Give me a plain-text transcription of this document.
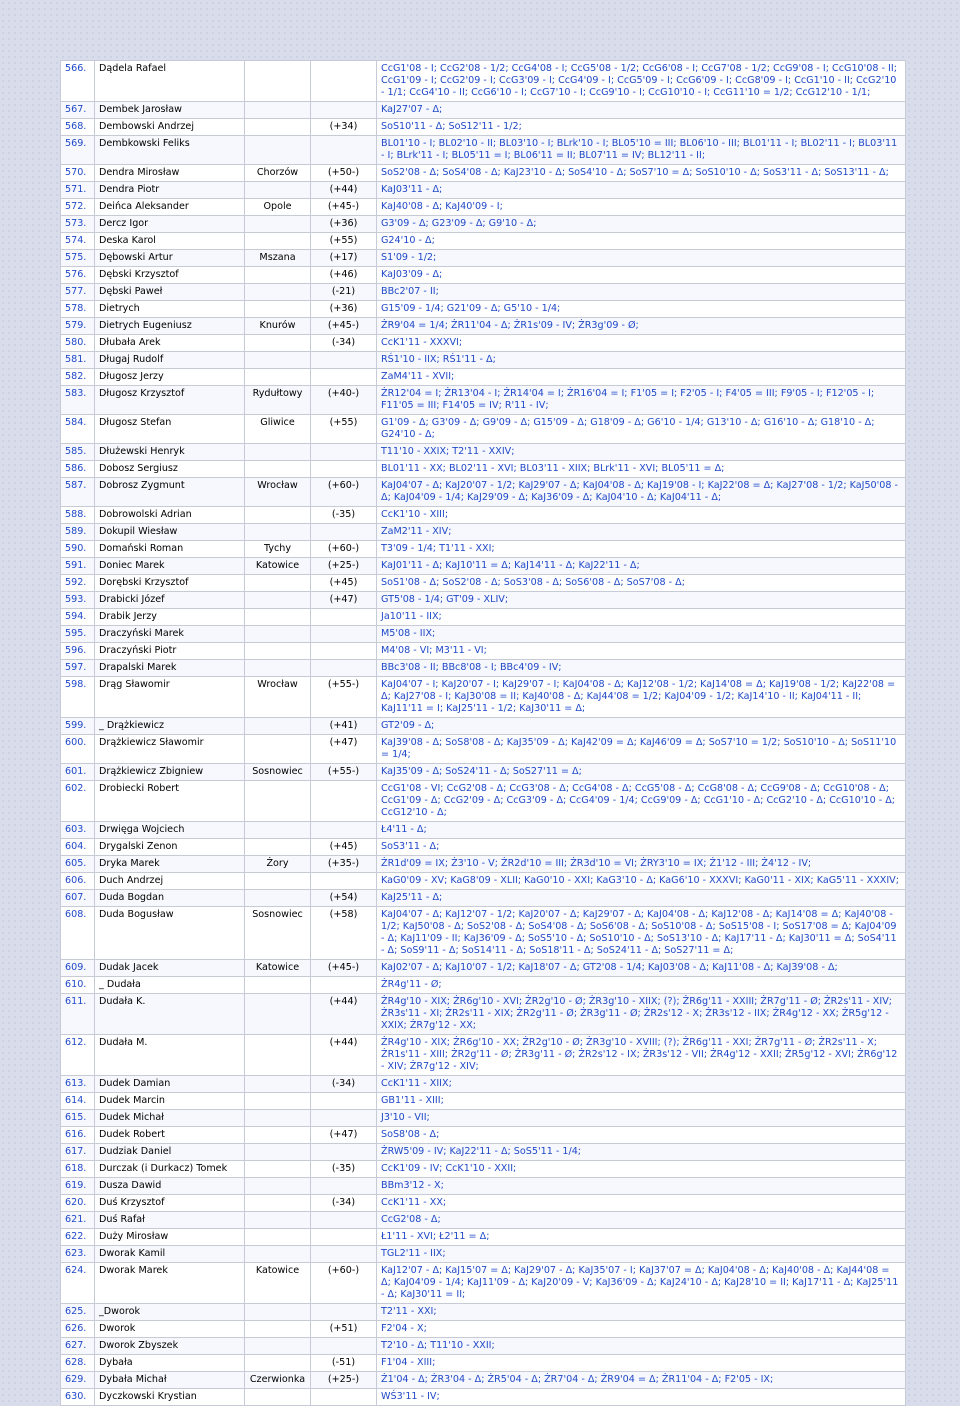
566.	Dądela Rafael			CcG1'08 - I; CcG2'08 - 1/2; CcG4'08 - I; CcG5'08 - 1/2; CcG6'08 - I; CcG7'08 - 1/2; CcG9'08 - I; CcG10'08 - II; CcG1'09 - I; CcG2'09 - I; CcG3'09 - I; CcG4'09 - I; CcG5'09 - I; CcG6'09 - I; CcG8'09 - I; CcG1'10 - II; CcG2'10 - 1/1; CcG4'10 - II; CcG6'10 - I; CcG7'10 - I; CcG9'10 - I; CcG10'10 - I; CcG11'10 = 1/2; CcG12'10 - 1/1;
567.	Dembek Jarosław			KaJ27'07 - Δ;
568.	Dembowski Andrzej		(+34)	SoS10'11 - Δ; SoS12'11 - 1/2;
569.	Dembkowski Feliks			BL01'10 - I; BL02'10 - II; BL03'10 - I; BLrk'10 - I; BL05'10 = III; BL06'10 - III; BL01'11 - I; BL02'11 - I; BL03'11 - I; BLrk'11 - I; BL05'11 = I; BL06'11 = II; BL07'11 = IV; BL12'11 - II;
570.	Dendra Mirosław	Chorzów	(+50-)	SoS2'08 - Δ; SoS4'08 - Δ; KaJ23'10 - Δ; SoS4'10 - Δ; SoS7'10 = Δ; SoS10'10 - Δ; SoS3'11 - Δ; SoS13'11 - Δ;
571.	Dendra Piotr		(+44)	KaJ03'11 - Δ;
572.	Deińca Aleksander	Opole	(+45-)	KaJ40'08 - Δ; KaJ40'09 - I;
573.	Dercz Igor		(+36)	G3'09 - Δ; G23'09 - Δ; G9'10 - Δ;
574.	Deska Karol		(+55)	G24'10 - Δ;
575.	Dębowski Artur	Mszana	(+17)	S1'09 - 1/2;
576.	Dębski Krzysztof		(+46)	KaJ03'09 - Δ;
577.	Dębski Paweł		(-21)	BBc2'07 - II;
578.	Dietrych		(+36)	G15'09 - 1/4; G21'09 - Δ; G5'10 - 1/4;
579.	Dietrych Eugeniusz	Knurów	(+45-)	ŻR9'04 = 1/4; ŻR11'04 - Δ; ŻR1s'09 - IV; ŻR3g'09 - Ø;
580.	Dłubała Arek		(-34)	CcK1'11 - XXXVI;
581.	Długaj Rudolf			RŚ1'10 - IIX; RŚ1'11 - Δ;
582.	Długosz Jerzy			ZaM4'11 - XVII;
583.	Długosz Krzysztof	Rydułtowy	(+40-)	ŻR12'04 = I; ŻR13'04 - I; ŻR14'04 = I; ŻR16'04 = I; F1'05 = I; F2'05 - I; F4'05 = III; F9'05 - I; F12'05 - I; F11'05 = III; F14'05 = IV; R'11 - IV;
584.	Długosz Stefan	Gliwice	(+55)	G1'09 - Δ; G3'09 - Δ; G9'09 - Δ; G15'09 - Δ; G18'09 - Δ; G6'10 - 1/4; G13'10 - Δ; G16'10 - Δ; G18'10 - Δ; G24'10 - Δ;
585.	Dłużewski Henryk			T11'10 - XXIX; T2'11 - XXIV;
586.	Dobosz Sergiusz			BL01'11 - XX; BL02'11 - XVI; BL03'11 - XIIX; BLrk'11 - XVI; BL05'11 = Δ;
587.	Dobrosz Zygmunt	Wrocław	(+60-)	KaJ04'07 - Δ; KaJ20'07 - 1/2; KaJ29'07 - Δ; KaJ04'08 - Δ; KaJ19'08 - I; KaJ22'08 = Δ; KaJ27'08 - 1/2; KaJ50'08 - Δ; KaJ04'09 - 1/4; KaJ29'09 - Δ; KaJ36'09 - Δ; KaJ04'10 - Δ; KaJ04'11 - Δ;
588.	Dobrowolski Adrian		(-35)	CcK1'10 - XIII;
589.	Dokupil Wiesław			ZaM2'11 - XIV;
590.	Domański Roman	Tychy	(+60-)	T3'09 - 1/4; T1'11 - XXI;
591.	Doniec Marek	Katowice	(+25-)	KaJ01'11 - Δ; KaJ10'11 = Δ; KaJ14'11 - Δ; KaJ22'11 - Δ;
592.	Dorębski Krzysztof		(+45)	SoS1'08 - Δ; SoS2'08 - Δ; SoS3'08 - Δ; SoS6'08 - Δ; SoS7'08 - Δ;
593.	Drabicki Józef		(+47)	GT5'08 - 1/4; GT'09 - XLIV;
594.	Drabik Jerzy			Ja10'11 - IIX;
595.	Draczyński Marek			M5'08 - IIX;
596.	Draczyński Piotr			M4'08 - VI; M3'11 - VI;
597.	Drapalski Marek			BBc3'08 - II; BBc8'08 - I; BBc4'09 - IV;
598.	Drąg Sławomir	Wrocław	(+55-)	KaJ04'07 - I; KaJ20'07 - I; KaJ29'07 - I; KaJ04'08 - Δ; KaJ12'08 - 1/2; KaJ14'08 = Δ; KaJ19'08 - 1/2; KaJ22'08 = Δ; KaJ27'08 - I; KaJ30'08 = II; KaJ40'08 - Δ; KaJ44'08 = 1/2; KaJ04'09 - 1/2; KaJ14'10 - II; KaJ04'11 - II; KaJ11'11 = I; KaJ25'11 - 1/2; KaJ30'11 = Δ;
599.	_ Drążkiewicz		(+41)	GT2'09 - Δ;
600.	Drążkiewicz Sławomir		(+47)	KaJ39'08 - Δ; SoS8'08 - Δ; KaJ35'09 - Δ; KaJ42'09 = Δ; KaJ46'09 = Δ; SoS7'10 = 1/2; SoS10'10 - Δ; SoS11'10 = 1/4;
601.	Drążkiewicz Zbigniew	Sosnowiec	(+55-)	KaJ35'09 - Δ; SoS24'11 - Δ; SoS27'11 = Δ;
602.	Drobiecki Robert			CcG1'08 - VI; CcG2'08 - Δ; CcG3'08 - Δ; CcG4'08 - Δ; CcG5'08 - Δ; CcG8'08 - Δ; CcG9'08 - Δ; CcG10'08 - Δ; CcG1'09 - Δ; CcG2'09 - Δ; CcG3'09 - Δ; CcG4'09 - 1/4; CcG9'09 - Δ; CcG1'10 - Δ; CcG2'10 - Δ; CcG10'10 - Δ; CcG12'10 - Δ;
603.	Drwięga Wojciech			Ł4'11 - Δ;
604.	Drygalski Zenon		(+45)	SoS3'11 - Δ;
605.	Dryka Marek	Żory	(+35-)	ŻR1d'09 = IX; Ż3'10 - V; ŻR2d'10 = III; ŻR3d'10 = VI; ŻRY3'10 = IX; Ż1'12 - III; Ż4'12 - IV;
606.	Duch Andrzej			KaG0'09 - XV; KaG8'09 - XLII; KaG0'10 - XXI; KaG3'10 - Δ; KaG6'10 - XXXVI; KaG0'11 - XIX; KaG5'11 - XXXIV;
607.	Duda Bogdan		(+54)	KaJ25'11 - Δ;
608.	Duda Bogusław	Sosnowiec	(+58)	KaJ04'07 - Δ; KaJ12'07 - 1/2; KaJ20'07 - Δ; KaJ29'07 - Δ; KaJ04'08 - Δ; KaJ12'08 - Δ; KaJ14'08 = Δ; KaJ40'08 - 1/2; KaJ50'08 - Δ; SoS2'08 - Δ; SoS4'08 - Δ; SoS6'08 - Δ; SoS10'08 - Δ; SoS15'08 - I; SoS17'08 = Δ; KaJ04'09 - Δ; KaJ11'09 - II; KaJ36'09 - Δ; SoS5'10 - Δ; SoS10'10 - Δ; SoS13'10 - Δ; KaJ17'11 - Δ; KaJ30'11 = Δ; SoS4'11 - Δ; SoS9'11 - Δ; SoS14'11 - Δ; SoS18'11 - Δ; SoS24'11 - Δ; SoS27'11 = Δ;
609.	Dudak Jacek	Katowice	(+45-)	KaJ02'07 - Δ; KaJ10'07 - 1/2; KaJ18'07 - Δ; GT2'08 - 1/4; KaJ03'08 - Δ; KaJ11'08 - Δ; KaJ39'08 - Δ;
610.	_ Dudała			ŻR4g'11 - Ø;
611.	Dudała K.		(+44)	ŻR4g'10 - XIX; ŻR6g'10 - XVI; ŻR2g'10 - Ø; ŻR3g'10 - XIIX; (?); ŻR6g'11 - XXIII; ŻR7g'11 - Ø; ŻR2s'11 - XIV; ŻR3s'11 - XI; ŻR2s'11 - XIX; ŻR2g'11 - Ø; ŻR3g'11 - Ø; ŻR2s'12 - X; ŻR3s'12 - IIX; ŻR4g'12 - XX; ŻR5g'12 - XXIX; ŻR7g'12 - XX;
612.	Dudała M.		(+44)	ŻR4g'10 - XIX; ŻR6g'10 - XX; ŻR2g'10 - Ø; ŻR3g'10 - XVIII; (?); ŻR6g'11 - XXI; ŻR7g'11 - Ø; ŻR2s'11 - X; ŻR1s'11 - XIII; ŻR2g'11 - Ø; ŻR3g'11 - Ø; ŻR2s'12 - IX; ŻR3s'12 - VII; ŻR4g'12 - XXII; ŻR5g'12 - XVI; ŻR6g'12 - XIV; ŻR7g'12 - XIV;
613.	Dudek Damian		(-34)	CcK1'11 - XIIX;
614.	Dudek Marcin			GB1'11 - XIII;
615.	Dudek Michał			J3'10 - VII;
616.	Dudek Robert		(+47)	SoS8'08 - Δ;
617.	Dudziak Daniel			ŻRW5'09 - IV; KaJ22'11 - Δ; SoS5'11 - 1/4;
618.	Durczak (i Durkacz) Tomek		(-35)	CcK1'09 - IV; CcK1'10 - XXII;
619.	Dusza Dawid			BBm3'12 - X;
620.	Duś Krzysztof		(-34)	CcK1'11 - XX;
621.	Duś Rafał			CcG2'08 - Δ;
622.	Duży Mirosław			Ł1'11 - XVI; Ł2'11 = Δ;
623.	Dworak Kamil			TGL2'11 - IIX;
624.	Dworak Marek	Katowice	(+60-)	KaJ12'07 - Δ; KaJ15'07 = Δ; KaJ29'07 - Δ; KaJ35'07 - I; KaJ37'07 = Δ; KaJ04'08 - Δ; KaJ40'08 - Δ; KaJ44'08 = Δ; KaJ04'09 - 1/4; KaJ11'09 - Δ; KaJ20'09 - V; KaJ36'09 - Δ; KaJ24'10 - Δ; KaJ28'10 = II; KaJ17'11 - Δ; KaJ25'11 - Δ; KaJ30'11 = II;
625.	_Dworok			T2'11 - XXI;
626.	Dworok		(+51)	F2'04 - X;
627.	Dworok Zbyszek			T2'10 - Δ; T11'10 - XXII;
628.	Dybała		(-51)	F1'04 - XIII;
629.	Dybała Michał	Czerwionka	(+25-)	Ż1'04 - Δ; ŻR3'04 - Δ; ŻR5'04 - Δ; ŻR7'04 - Δ; ŻR9'04 = Δ; ŻR11'04 - Δ; F2'05 - IX;
630.	Dyczkowski Krystian			WŚ3'11 - IV;
